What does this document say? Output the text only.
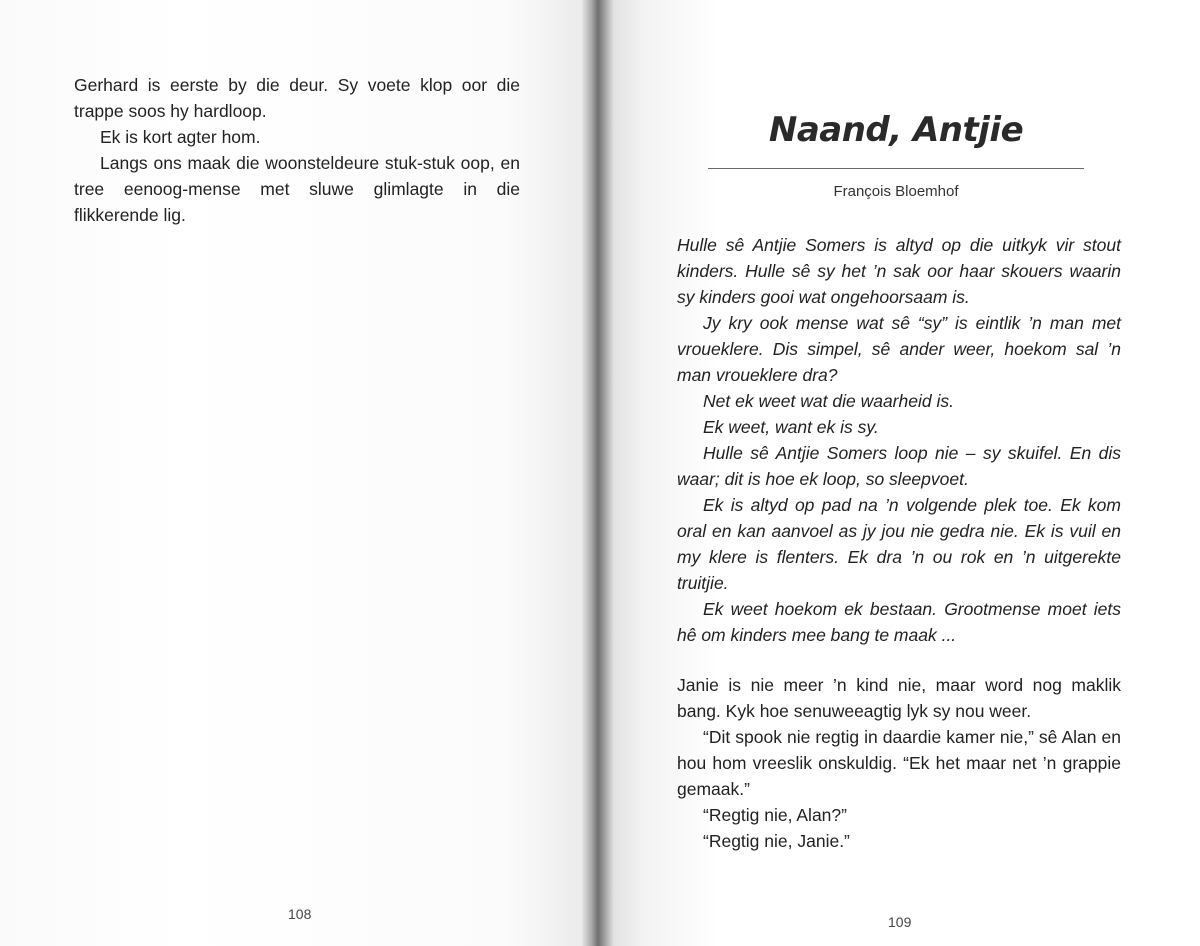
Gerhard is eerste by die deur. Sy voete klop oor die trappe soos hy hardloop.

Ek is kort agter hom.

Langs ons maak die woonsteldeure stuk-stuk oop, en tree eenoog-mense met sluwe glimlagte in die flikkerende lig.

108
Naand, Antjie
François Bloemhof

Hulle sê Antjie Somers is altyd op die uitkyk vir stout kinders. Hulle sê sy het ’n sak oor haar skouers waarin sy kinders gooi wat ongehoorsaam is.

Jy kry ook mense wat sê “sy” is eintlik ’n man met vroueklere. Dis simpel, sê ander weer, hoekom sal ’n man vroueklere dra?

Net ek weet wat die waarheid is.

Ek weet, want ek is sy.

Hulle sê Antjie Somers loop nie – sy skuifel. En dis waar; dit is hoe ek loop, so sleepvoet.

Ek is altyd op pad na ’n volgende plek toe. Ek kom oral en kan aanvoel as jy jou nie gedra nie. Ek is vuil en my klere is flenters. Ek dra ’n ou rok en ’n uitgerekte truitjie.

Ek weet hoekom ek bestaan. Grootmense moet iets hê om kinders mee bang te maak ...

Janie is nie meer ’n kind nie, maar word nog maklik bang. Kyk hoe senuweeagtig lyk sy nou weer.

“Dit spook nie regtig in daardie kamer nie,” sê Alan en hou hom vreeslik onskuldig. “Ek het maar net ’n grappie gemaak.”

“Regtig nie, Alan?”

“Regtig nie, Janie.”

109
